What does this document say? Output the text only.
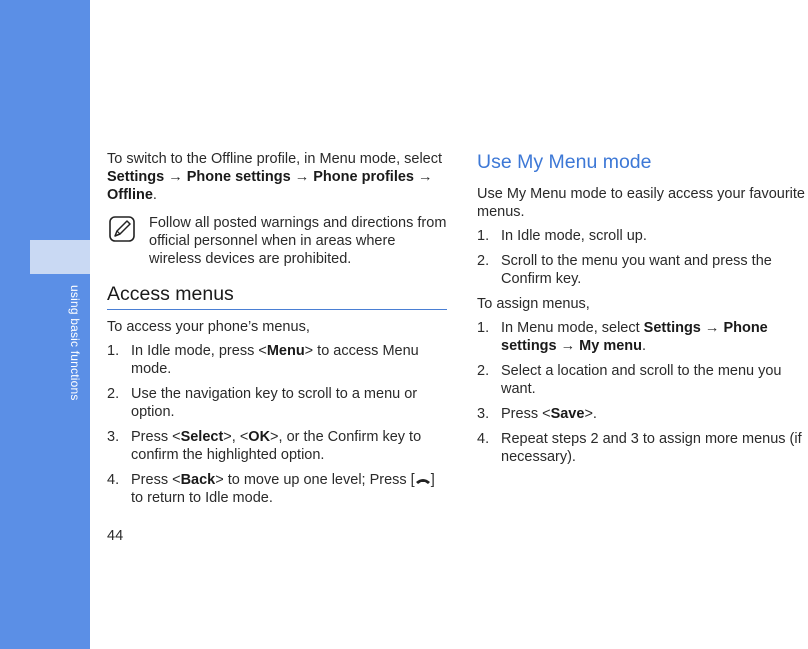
using basic functions

To switch to the Offline profile, in Menu mode, select Settings → Phone settings → Phone profiles → Offline.

Follow all posted warnings and directions from official personnel when in areas where wireless devices are prohibited.
Access menus

To access your phone’s menus,

1. In Idle mode, press <Menu> to access Menu mode.
2. Use the navigation key to scroll to a menu or option.
3. Press <Select>, <OK>, or the Confirm key to confirm the highlighted option.
4. Press <Back> to move up one level; Press [ ] to return to Idle mode.
Use My Menu mode

Use My Menu mode to easily access your favourite menus.

1. In Idle mode, scroll up.
2. Scroll to the menu you want and press the Confirm key.

To assign menus,

1. In Menu mode, select Settings → Phone settings → My menu.
2. Select a location and scroll to the menu you want.
3. Press <Save>.
4. Repeat steps 2 and 3 to assign more menus (if necessary).
44
